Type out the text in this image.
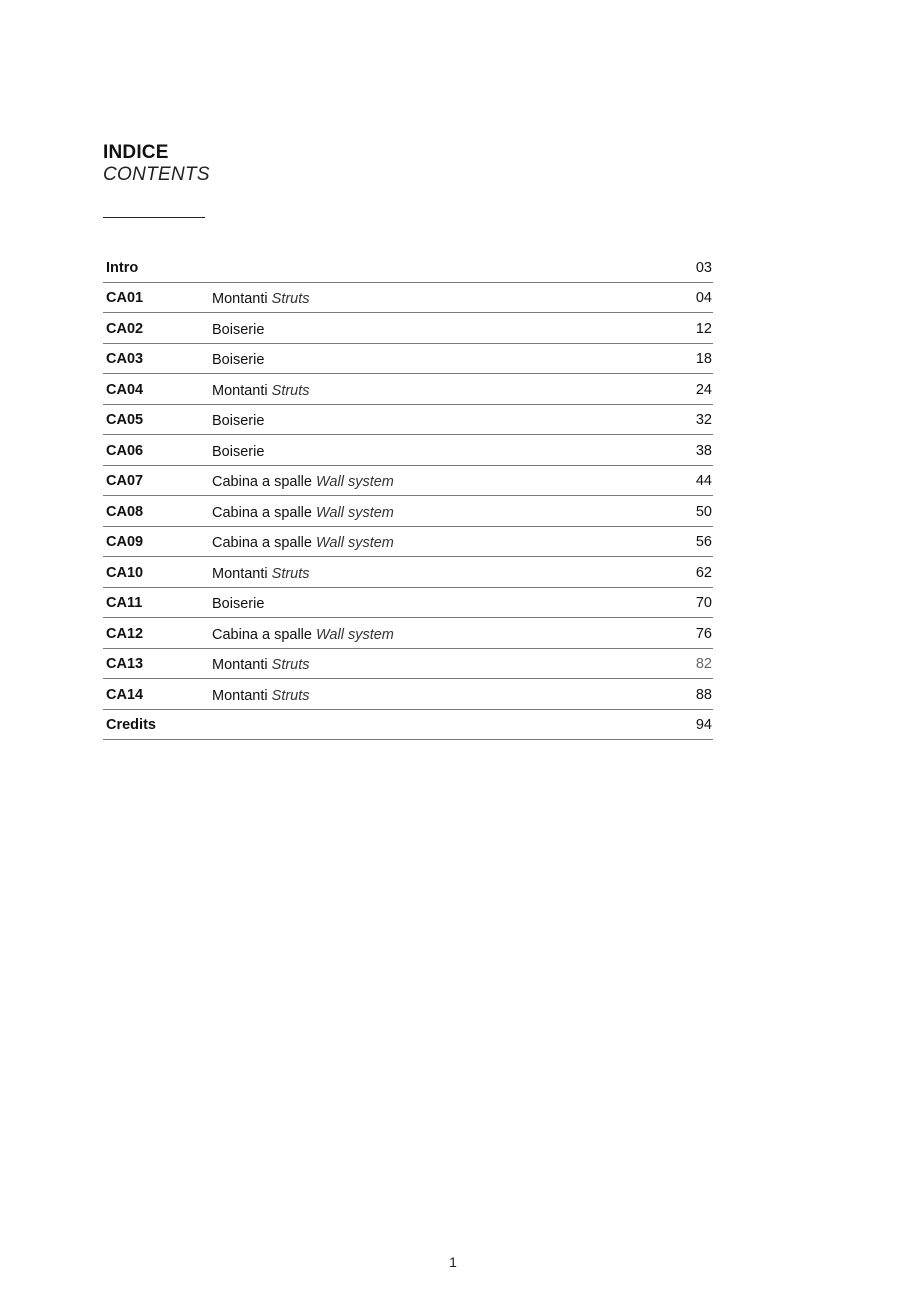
INDICE
CONTENTS
Intro	03
CA01	Montanti Struts	04
CA02	Boiserie	12
CA03	Boiserie	18
CA04	Montanti Struts	24
CA05	Boiserie	32
CA06	Boiserie	38
CA07	Cabina a spalle Wall system	44
CA08	Cabina a spalle Wall system	50
CA09	Cabina a spalle Wall system	56
CA10	Montanti Struts	62
CA11	Boiserie	70
CA12	Cabina a spalle Wall system	76
CA13	Montanti Struts	82
CA14	Montanti Struts	88
Credits	94
1
